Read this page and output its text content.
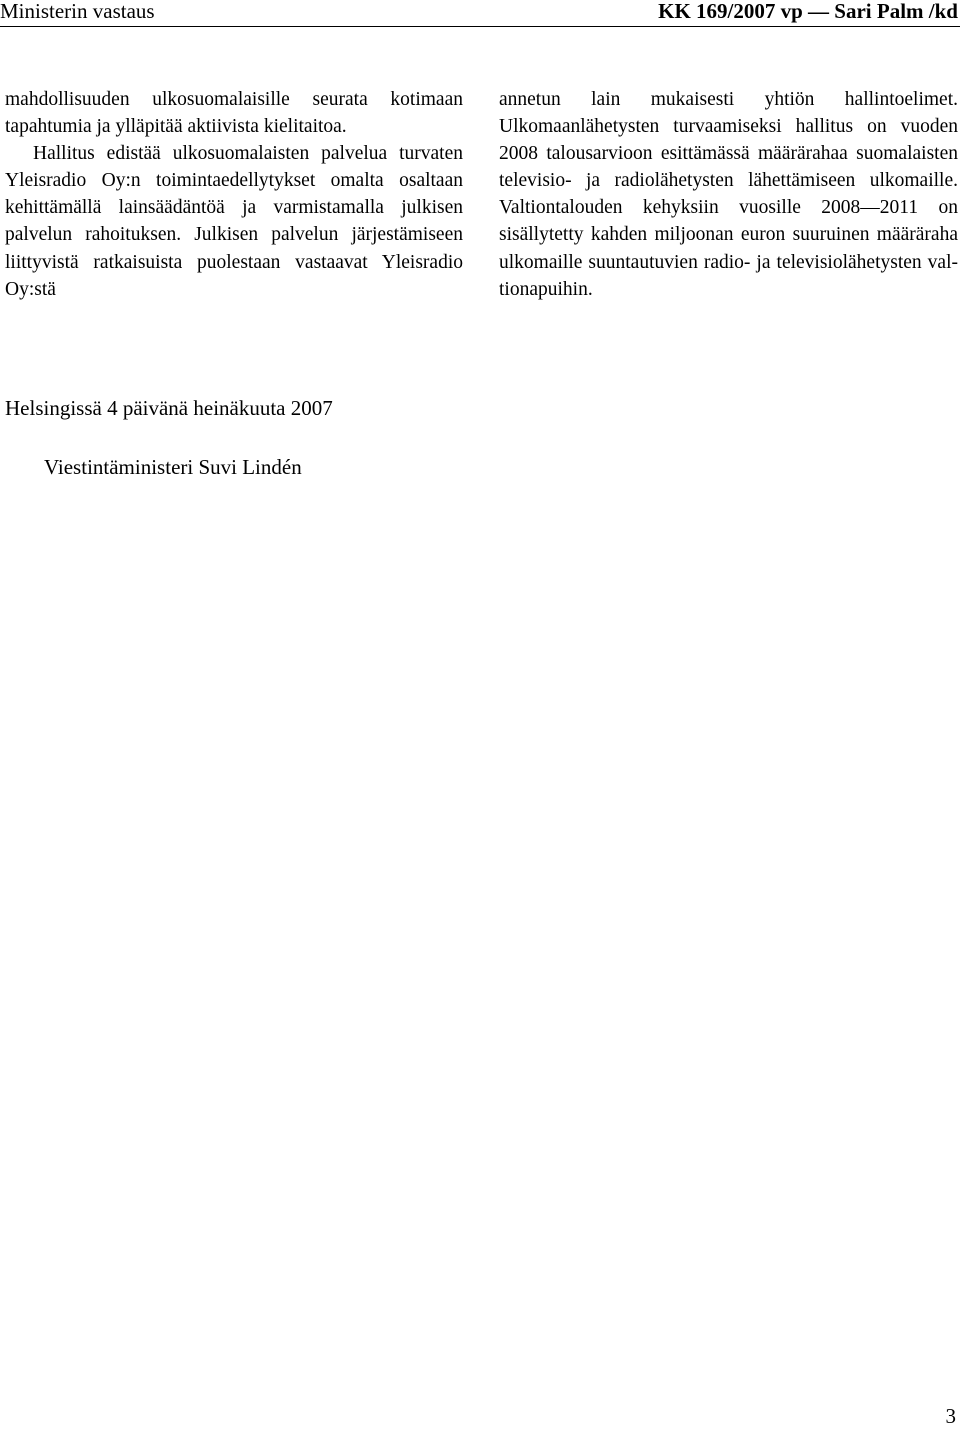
Ministerin vastaus	KK 169/2007 vp — Sari Palm /kd

mahdollisuuden ulkosuomalaisille seurata kotimaan tapahtumia ja ylläpitää aktiivista kielitaitoa.

Hallitus edistää ulkosuomalaisten palvelua turvaten Yleisradio Oy:n toimintaedellytykset omalta osaltaan kehittämällä lainsäädäntöä ja varmistamalla julkisen palvelun rahoituksen. Julkisen palvelun järjestämiseen liittyvistä ratkaisuista puolestaan vastaavat Yleisradio Oy:stä

annetun lain mukaisesti yhtiön hallintoelimet. Ulkomaanlähetysten turvaamiseksi hallitus on vuoden 2008 talousarvioon esittämässä määrärahaa suomalaisten televisio- ja radiolähetysten lähettämiseen ulkomaille. Valtiontalouden kehyksiin vuosille 2008—2011 on sisällytetty kahden miljoonan euron suuruinen määräraha ulkomaille suuntautuvien radio- ja televisiolähetysten valtionapuihin.

Helsingissä 4 päivänä heinäkuuta 2007
Viestintäministeri Suvi Lindén
3
